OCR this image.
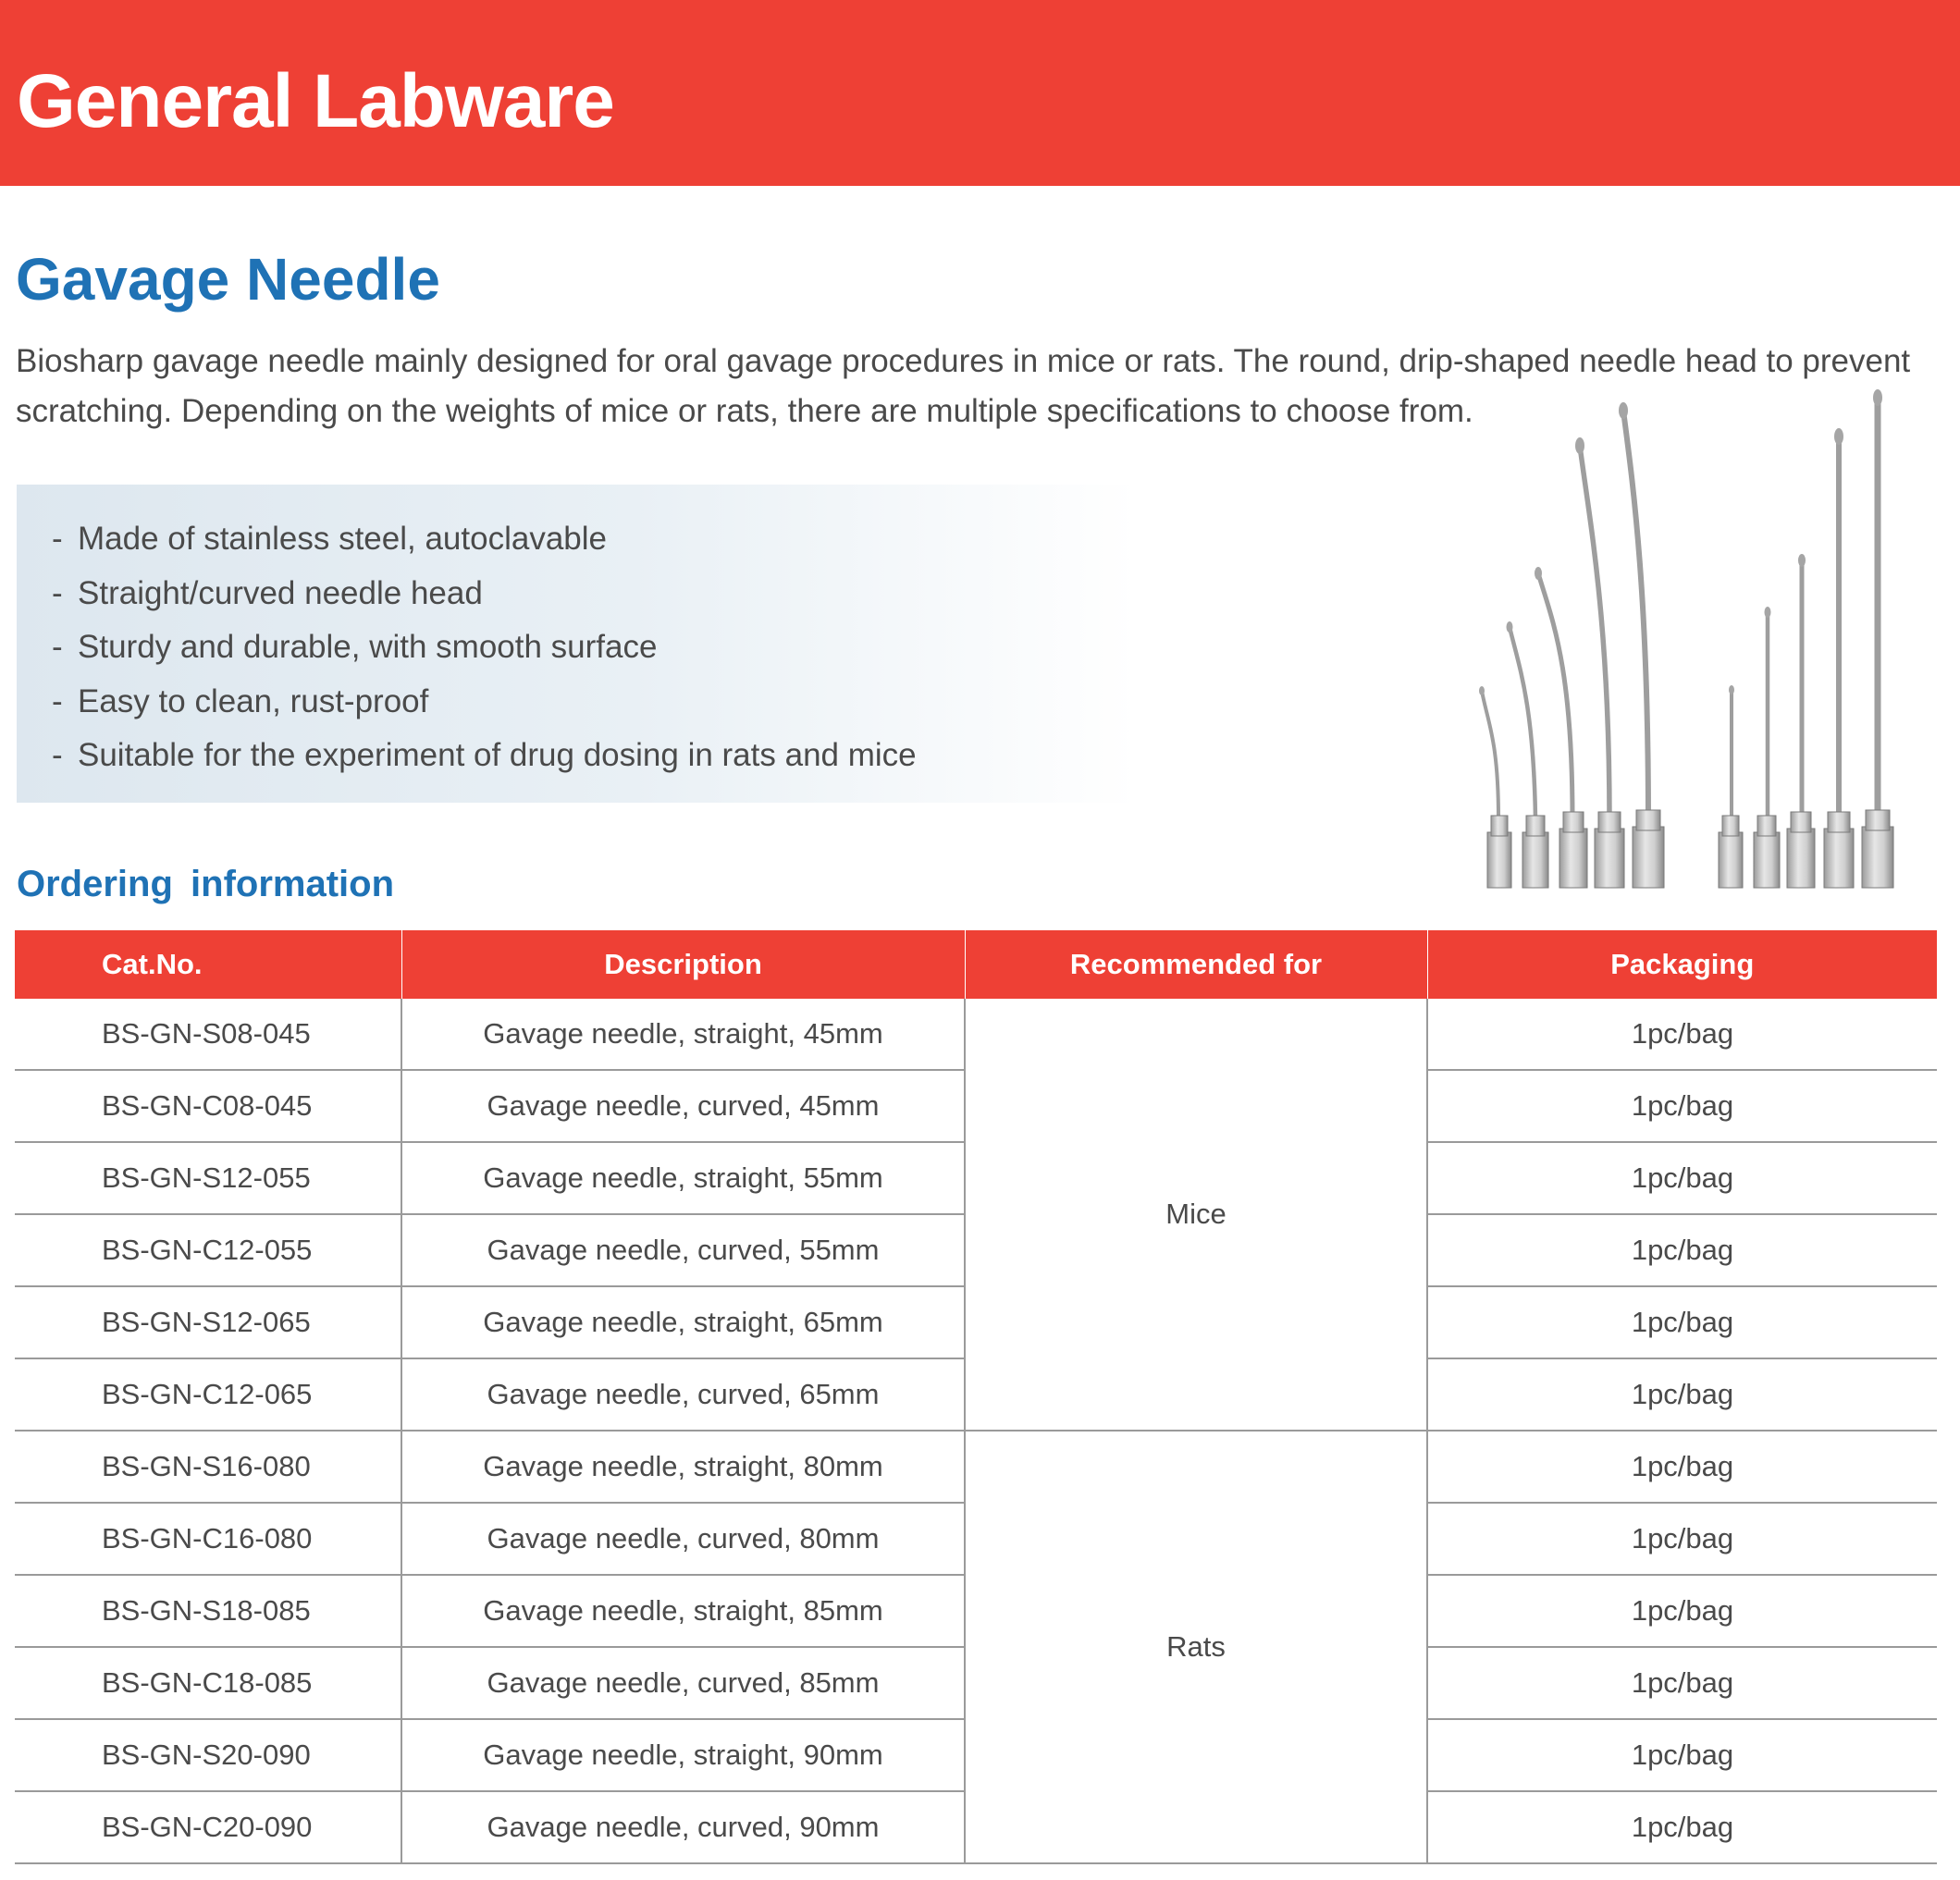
General Labware
Gavage Needle
Biosharp gavage needle mainly designed for oral gavage procedures in mice or rats. The round, drip-shaped needle head to prevent scratching. Depending on the weights of mice or rats, there are multiple specifications to choose from.
- Made of stainless steel, autoclavable
- Straight/curved needle head
- Sturdy and durable, with smooth surface
- Easy to clean, rust-proof
- Suitable for the experiment of drug dosing in rats and mice
Ordering information
Cat.No.	Description	Recommended for	Packaging
BS-GN-S08-045	Gavage needle, straight, 45mm	Mice	1pc/bag
BS-GN-C08-045	Gavage needle, curved, 45mm		1pc/bag
BS-GN-S12-055	Gavage needle, straight, 55mm		1pc/bag
BS-GN-C12-055	Gavage needle, curved, 55mm		1pc/bag
BS-GN-S12-065	Gavage needle, straight, 65mm		1pc/bag
BS-GN-C12-065	Gavage needle, curved, 65mm		1pc/bag
BS-GN-S16-080	Gavage needle, straight, 80mm	Rats	1pc/bag
BS-GN-C16-080	Gavage needle, curved, 80mm		1pc/bag
BS-GN-S18-085	Gavage needle, straight, 85mm		1pc/bag
BS-GN-C18-085	Gavage needle, curved, 85mm		1pc/bag
BS-GN-S20-090	Gavage needle, straight, 90mm		1pc/bag
BS-GN-C20-090	Gavage needle, curved, 90mm		1pc/bag
